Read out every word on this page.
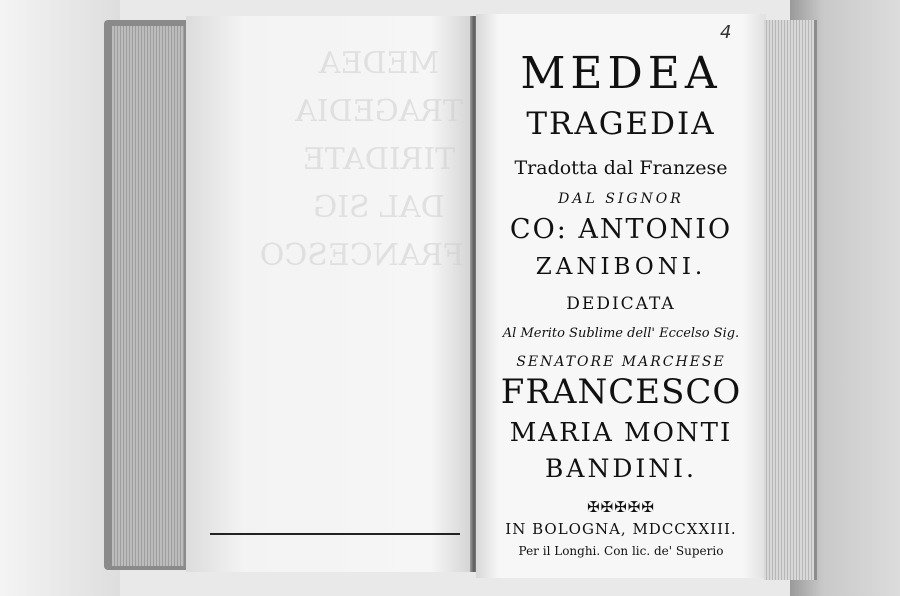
MEDEA
TRAGEDIA
TIRIDATE
DAL SIG
FRANCESCO
MEDEA
TRAGEDIA
Tradotta dal Franzese
DAL SIGNOR
CO: ANTONIO
ZANIBONI.
DEDICATA
Al Merito Sublime dell' Eccelso Sig.
SENATORE MARCHESE
FRANCESCO
MARIA MONTI
BANDINI.
✠✠✠✠✠
IN BOLOGNA, MDCCXXIII.
Per il Longhi. Con lic. de' Superio
4
